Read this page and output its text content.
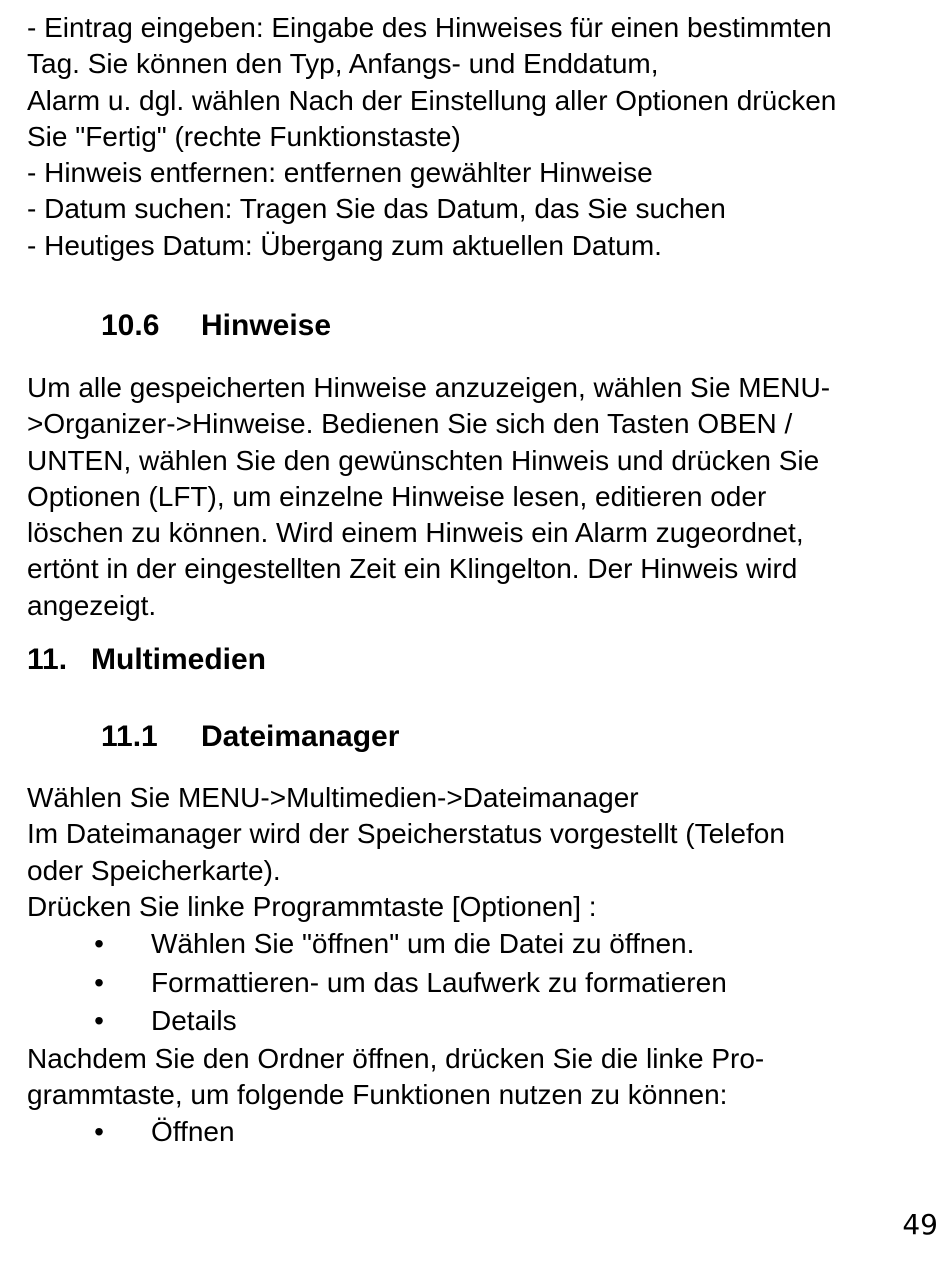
- Eintrag eingeben: Eingabe des Hinweises für einen bestimmten

Tag. Sie können den Typ, Anfangs- und Enddatum,

Alarm u. dgl. wählen Nach der Einstellung aller Optionen drücken

Sie "Fertig" (rechte Funktionstaste)

- Hinweis entfernen: entfernen gewählter Hinweise

- Datum suchen: Tragen Sie das Datum, das Sie suchen

- Heutiges Datum: Übergang zum aktuellen Datum.

10.6 Hinweise

Um alle gespeicherten Hinweise anzuzeigen, wählen Sie MENU-

>Organizer->Hinweise. Bedienen Sie sich den Tasten OBEN /

UNTEN, wählen Sie den gewünschten Hinweis und drücken Sie

Optionen (LFT), um einzelne Hinweise lesen, editieren oder

löschen zu können. Wird einem Hinweis ein Alarm zugeordnet,

ertönt in der eingestellten Zeit ein Klingelton. Der Hinweis wird

angezeigt.

11. Multimedien
11.1 Dateimanager

Wählen Sie MENU->Multimedien->Dateimanager

Im Dateimanager wird der Speicherstatus vorgestellt (Telefon

oder Speicherkarte).

Drücken Sie linke Programmtaste [Optionen] :

• Wählen Sie "öffnen" um die Datei zu öffnen.
• Formattieren- um das Laufwerk zu formatieren
• Details

Nachdem Sie den Ordner öffnen, drücken Sie die linke Pro-

grammtaste, um folgende Funktionen nutzen zu können:

• Öffnen
49
